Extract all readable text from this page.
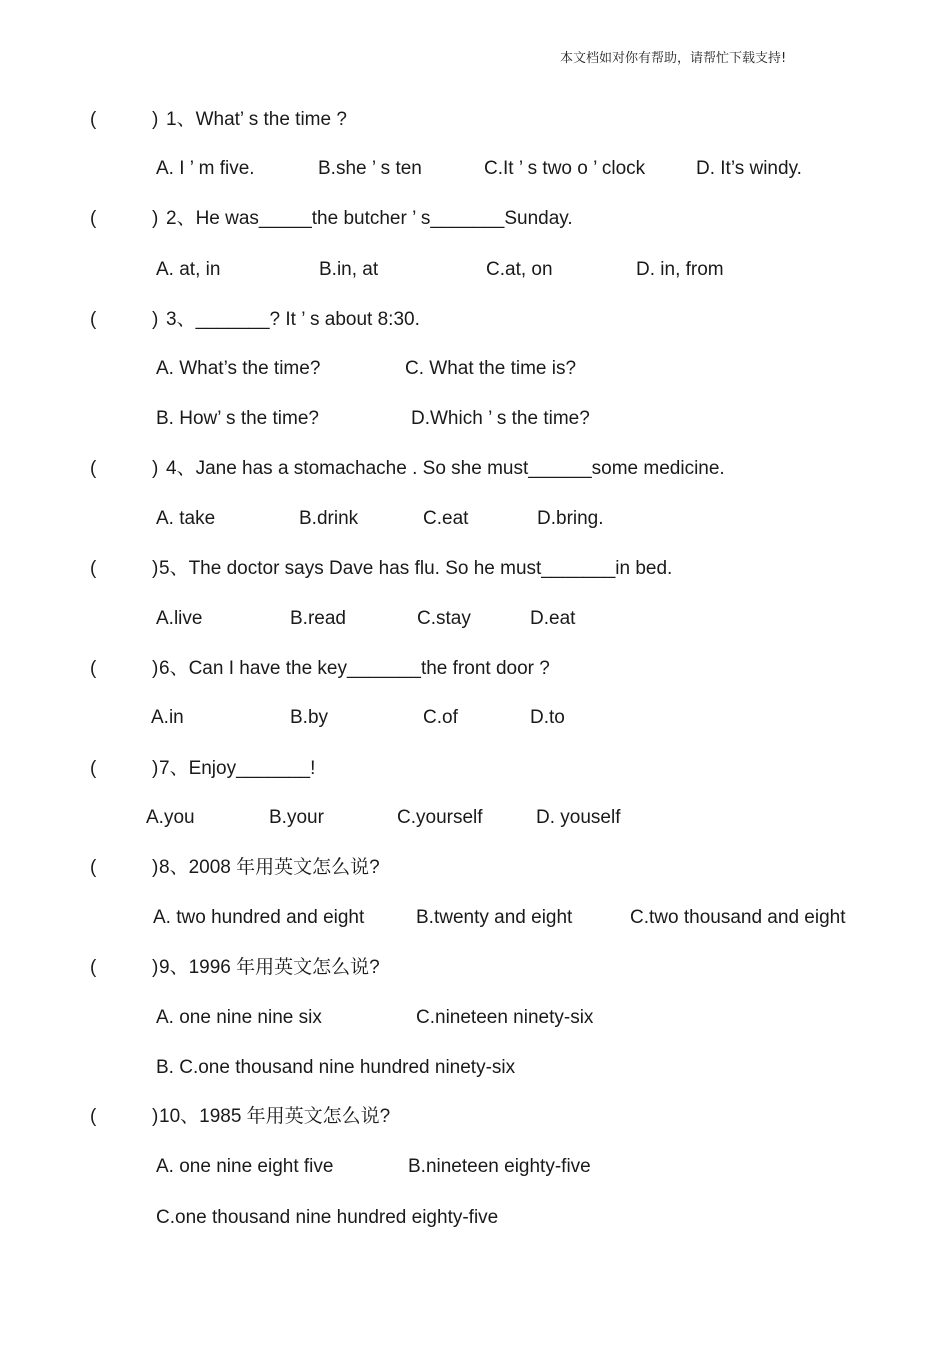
本文档如对你有帮助，请帮忙下载支持!
(	) 1、What’ s the time ?
A. I ’ m five.	B.she ’ s ten	C.It ’ s two o ’ clock	D. It’s windy.
(	) 2、He was_____the butcher ’ s_______Sunday.
A. at, in	B.in, at	C.at, on	D. in, from
(	) 3、_______? It ’ s about 8:30.
A. What’s the time?	C. What the time is?
B. How’ s the time?	D.Which ’ s the time?
(	) 4、Jane has a stomachache . So she must______some medicine.
A. take	B.drink	C.eat	D.bring.
(	) 5、The doctor says Dave has flu. So he must_______in bed.
A.live	B.read	C.stay	D.eat
(	) 6、Can I have the key_______the front door ?
A.in	B.by	C.of	D.to
(	) 7、Enjoy_______!
A.you	B.your	C.yourself	D. youself
(	) 8、2008 年用英文怎么说?
A. two hundred and eight	B.twenty and eight	C.two thousand and eight
(	) 9、1996 年用英文怎么说?
A. one nine nine six	C.nineteen ninety-six
B. C.one thousand nine hundred ninety-six
(	) 10、1985 年用英文怎么说?
A. one nine eight five	B.nineteen eighty-five
C.one thousand nine hundred eighty-five
